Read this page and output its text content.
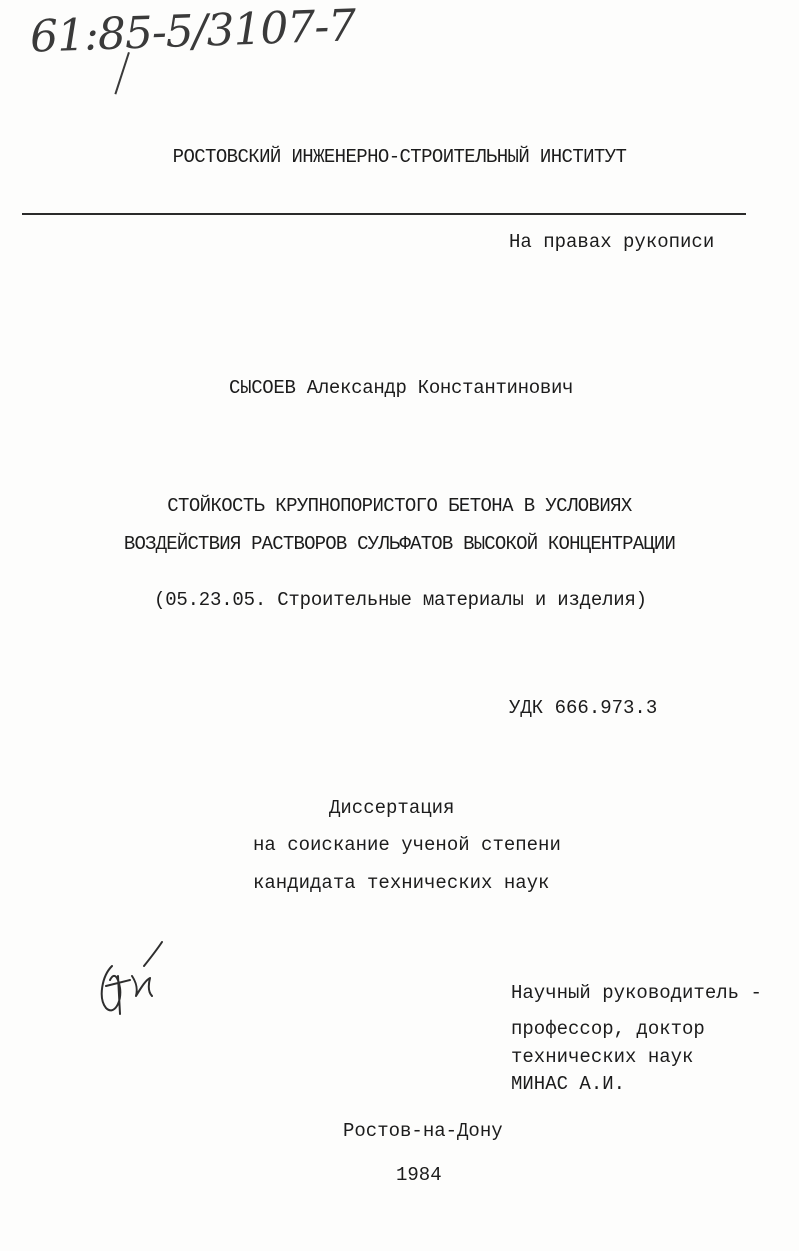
61:85-5/3107-7
РОСТОВСКИЙ ИНЖЕНЕРНО-СТРОИТЕЛЬНЫЙ ИНСТИТУТ
На правах рукописи
СЫСОЕВ Александр Константинович
СТОЙКОСТЬ КРУПНОПОРИСТОГО БЕТОНА В УСЛОВИЯХ
ВОЗДЕЙСТВИЯ РАСТВОРОВ СУЛЬФАТОВ ВЫСОКОЙ КОНЦЕНТРАЦИИ
(05.23.05. Строительные материалы и изделия)
УДК 666.973.3
Диссертация
на соискание ученой степени
кандидата технических наук
Научный руководитель -
профессор, доктор
технических наук
МИНАС А.И.
Ростов-на-Дону
1984
